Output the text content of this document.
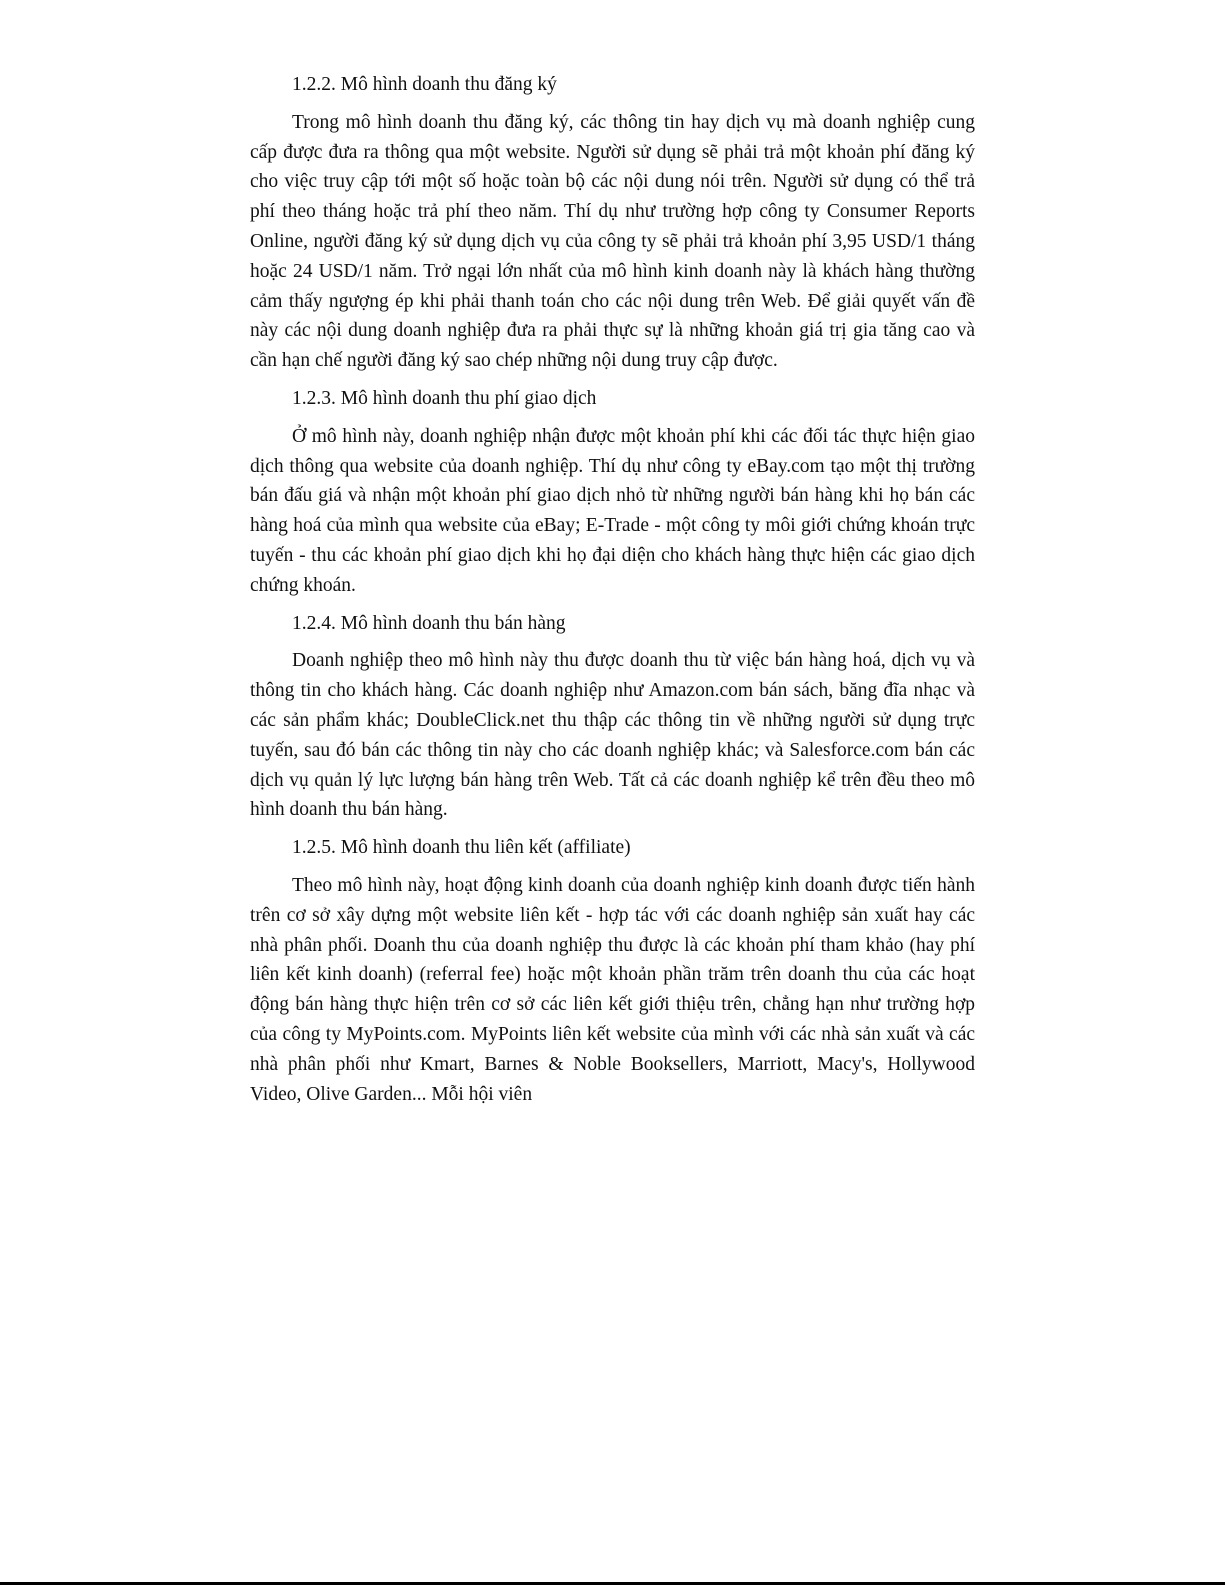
1.2.2. Mô hình doanh thu đăng ký

Trong mô hình doanh thu đăng ký, các thông tin hay dịch vụ mà doanh nghiệp cung cấp được đưa ra thông qua một website. Người sử dụng sẽ phải trả một khoản phí đăng ký cho việc truy cập tới một số hoặc toàn bộ các nội dung nói trên. Người sử dụng có thể trả phí theo tháng hoặc trả phí theo năm. Thí dụ như trường hợp công ty Consumer Reports Online, người đăng ký sử dụng dịch vụ của công ty sẽ phải trả khoản phí 3,95 USD/1 tháng hoặc 24 USD/1 năm. Trở ngại lớn nhất của mô hình kinh doanh này là khách hàng thường cảm thấy ngượng ép khi phải thanh toán cho các nội dung trên Web. Để giải quyết vấn đề này các nội dung doanh nghiệp đưa ra phải thực sự là những khoản giá trị gia tăng cao và cần hạn chế người đăng ký sao chép những nội dung truy cập được.

1.2.3. Mô hình doanh thu phí giao dịch

Ở mô hình này, doanh nghiệp nhận được một khoản phí khi các đối tác thực hiện giao dịch thông qua website của doanh nghiệp. Thí dụ như công ty eBay.com tạo một thị trường bán đấu giá và nhận một khoản phí giao dịch nhỏ từ những người bán hàng khi họ bán các hàng hoá của mình qua website của eBay; E-Trade - một công ty môi giới chứng khoán trực tuyến - thu các khoản phí giao dịch khi họ đại diện cho khách hàng thực hiện các giao dịch chứng khoán.

1.2.4. Mô hình doanh thu bán hàng

Doanh nghiệp theo mô hình này thu được doanh thu từ việc bán hàng hoá, dịch vụ và thông tin cho khách hàng. Các doanh nghiệp như Amazon.com bán sách, băng đĩa nhạc và các sản phẩm khác; DoubleClick.net thu thập các thông tin về những người sử dụng trực tuyến, sau đó bán các thông tin này cho các doanh nghiệp khác; và Salesforce.com bán các dịch vụ quản lý lực lượng bán hàng trên Web. Tất cả các doanh nghiệp kể trên đều theo mô hình doanh thu bán hàng.

1.2.5. Mô hình doanh thu liên kết (affiliate)

Theo mô hình này, hoạt động kinh doanh của doanh nghiệp kinh doanh được tiến hành trên cơ sở xây dựng một website liên kết - hợp tác với các doanh nghiệp sản xuất hay các nhà phân phối. Doanh thu của doanh nghiệp thu được là các khoản phí tham khảo (hay phí liên kết kinh doanh) (referral fee) hoặc một khoản phần trăm trên doanh thu của các hoạt động bán hàng thực hiện trên cơ sở các liên kết giới thiệu trên, chẳng hạn như trường hợp của công ty MyPoints.com. MyPoints liên kết website của mình với các nhà sản xuất và các nhà phân phối như Kmart, Barnes & Noble Booksellers, Marriott, Macy's, Hollywood Video, Olive Garden... Mỗi hội viên
